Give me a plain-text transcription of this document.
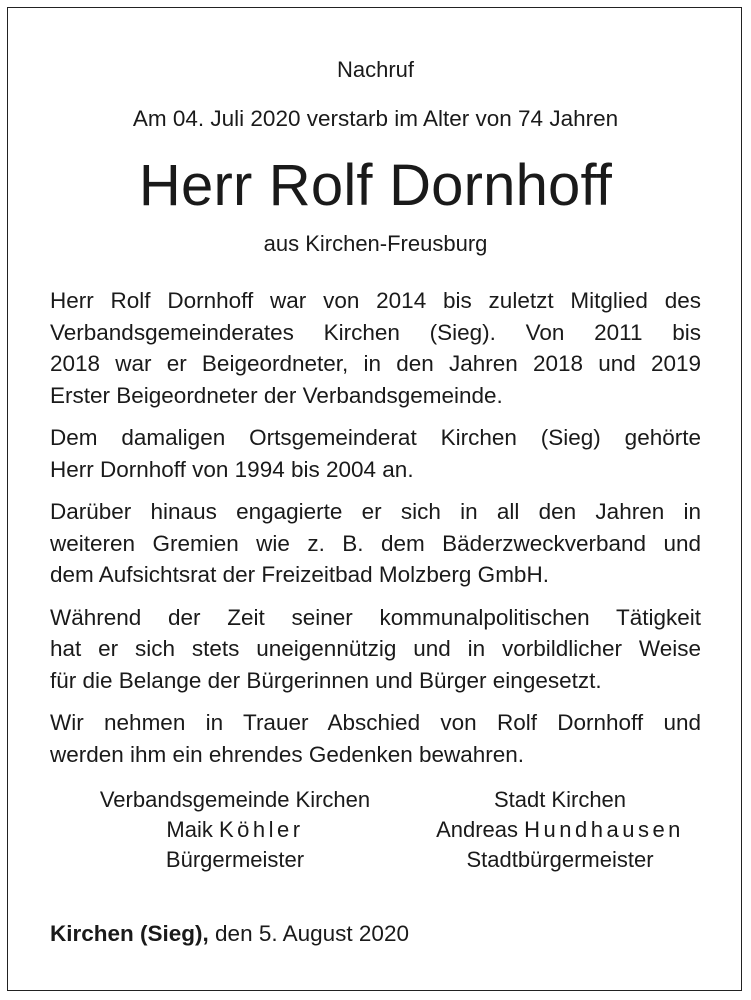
Nachruf
Am 04. Juli 2020 verstarb im Alter von 74 Jahren
Herr Rolf Dornhoff
aus Kirchen-Freusburg

Herr Rolf Dornhoff war von 2014 bis zuletzt Mitglied des
Verbandsgemeinderates Kirchen (Sieg). Von 2011 bis
2018 war er Beigeordneter, in den Jahren 2018 und 2019
Erster Beigeordneter der Verbandsgemeinde.

Dem damaligen Ortsgemeinderat Kirchen (Sieg) gehörte
Herr Dornhoff von 1994 bis 2004 an.

Darüber hinaus engagierte er sich in all den Jahren in
weiteren Gremien wie z. B. dem Bäderzweckverband und
dem Aufsichtsrat der Freizeitbad Molzberg GmbH.

Während der Zeit seiner kommunalpolitischen Tätigkeit
hat er sich stets uneigennützig und in vorbildlicher Weise
für die Belange der Bürgerinnen und Bürger eingesetzt.

Wir nehmen in Trauer Abschied von Rolf Dornhoff und
werden ihm ein ehrendes Gedenken bewahren.

Verbandsgemeinde Kirchen
Maik Köhler
Bürgermeister
Stadt Kirchen
Andreas Hundhausen
Stadtbürgermeister
Kirchen (Sieg), den 5. August 2020
